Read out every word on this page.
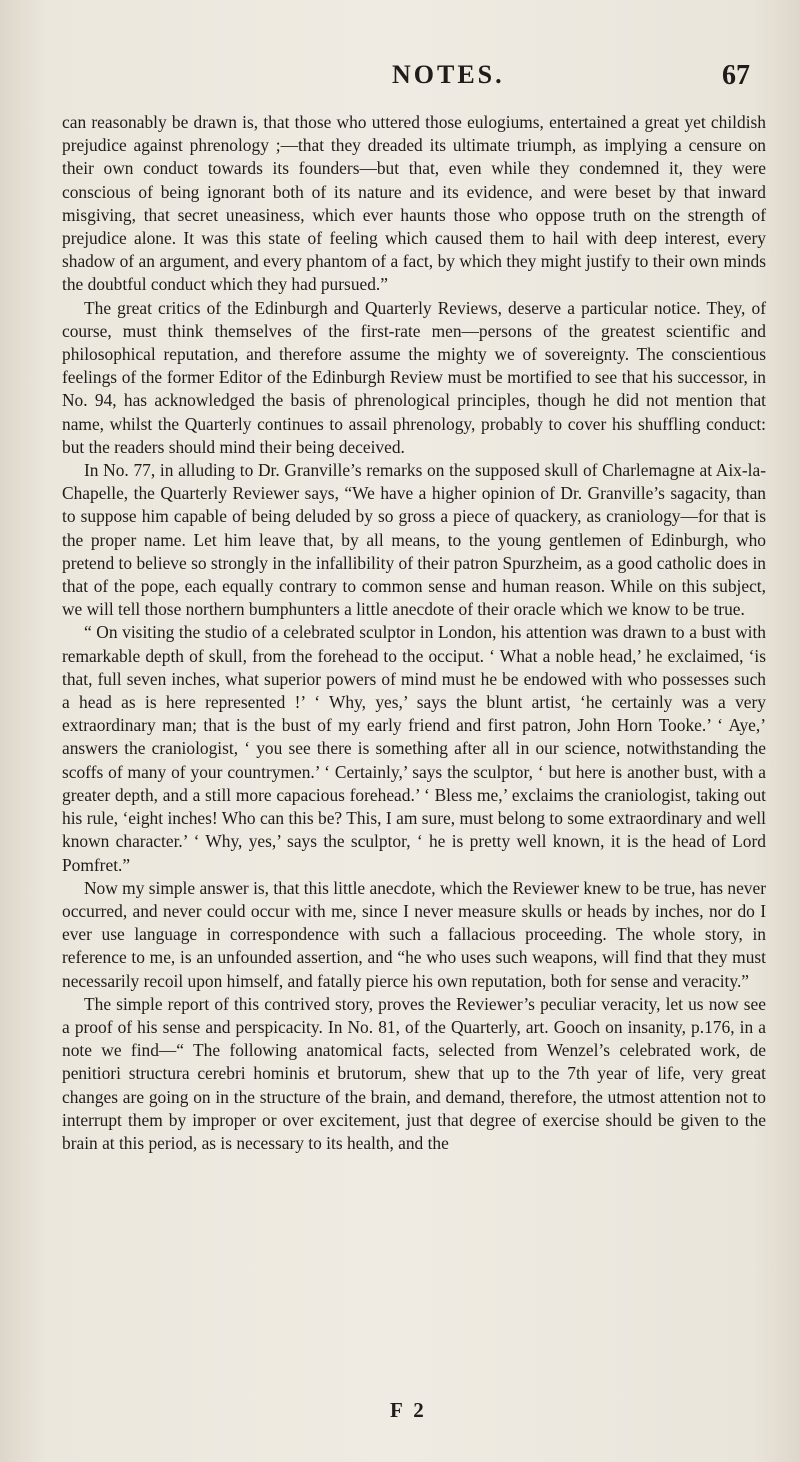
NOTES.	67

can reasonably be drawn is, that those who uttered those eulogiums, entertained a great yet childish prejudice against phrenology ;—that they dreaded its ultimate triumph, as implying a censure on their own conduct towards its founders—but that, even while they condemned it, they were conscious of being ignorant both of its nature and its evidence, and were beset by that inward misgiving, that secret uneasiness, which ever haunts those who oppose truth on the strength of prejudice alone. It was this state of feeling which caused them to hail with deep interest, every shadow of an argument, and every phantom of a fact, by which they might justify to their own minds the doubtful conduct which they had pursued.”

The great critics of the Edinburgh and Quarterly Reviews, deserve a particular notice. They, of course, must think themselves of the first-rate men—persons of the greatest scientific and philosophical reputation, and therefore assume the mighty we of sovereignty. The conscientious feelings of the former Editor of the Edinburgh Review must be mortified to see that his successor, in No. 94, has acknowledged the basis of phrenological principles, though he did not mention that name, whilst the Quarterly continues to assail phrenology, probably to cover his shuffling conduct: but the readers should mind their being deceived.

In No. 77, in alluding to Dr. Granville’s remarks on the supposed skull of Charlemagne at Aix-la-Chapelle, the Quarterly Reviewer says, “We have a higher opinion of Dr. Granville’s sagacity, than to suppose him capable of being deluded by so gross a piece of quackery, as craniology—for that is the proper name. Let him leave that, by all means, to the young gentlemen of Edinburgh, who pretend to believe so strongly in the infallibility of their patron Spurzheim, as a good catholic does in that of the pope, each equally contrary to common sense and human reason. While on this subject, we will tell those northern bumphunters a little anecdote of their oracle which we know to be true.

“ On visiting the studio of a celebrated sculptor in London, his attention was drawn to a bust with remarkable depth of skull, from the forehead to the occiput. ‘ What a noble head,’ he exclaimed, ‘is that, full seven inches, what superior powers of mind must he be endowed with who possesses such a head as is here represented !’ ‘ Why, yes,’ says the blunt artist, ‘he certainly was a very extraordinary man; that is the bust of my early friend and first patron, John Horn Tooke.’ ‘ Aye,’ answers the craniologist, ‘ you see there is something after all in our science, notwithstanding the scoffs of many of your countrymen.’ ‘ Certainly,’ says the sculptor, ‘ but here is another bust, with a greater depth, and a still more capacious forehead.’ ‘ Bless me,’ exclaims the craniologist, taking out his rule, ‘eight inches! Who can this be? This, I am sure, must belong to some extraordinary and well known character.’ ‘ Why, yes,’ says the sculptor, ‘ he is pretty well known, it is the head of Lord Pomfret.”

Now my simple answer is, that this little anecdote, which the Reviewer knew to be true, has never occurred, and never could occur with me, since I never measure skulls or heads by inches, nor do I ever use language in correspondence with such a fallacious proceeding. The whole story, in reference to me, is an unfounded assertion, and “he who uses such weapons, will find that they must necessarily recoil upon himself, and fatally pierce his own reputation, both for sense and veracity.”

The simple report of this contrived story, proves the Reviewer’s peculiar veracity, let us now see a proof of his sense and perspicacity. In No. 81, of the Quarterly, art. Gooch on insanity, p.176, in a note we find—“ The following anatomical facts, selected from Wenzel’s celebrated work, de penitiori structura cerebri hominis et brutorum, shew that up to the 7th year of life, very great changes are going on in the structure of the brain, and demand, therefore, the utmost attention not to interrupt them by improper or over excitement, just that degree of exercise should be given to the brain at this period, as is necessary to its health, and the

F 2
